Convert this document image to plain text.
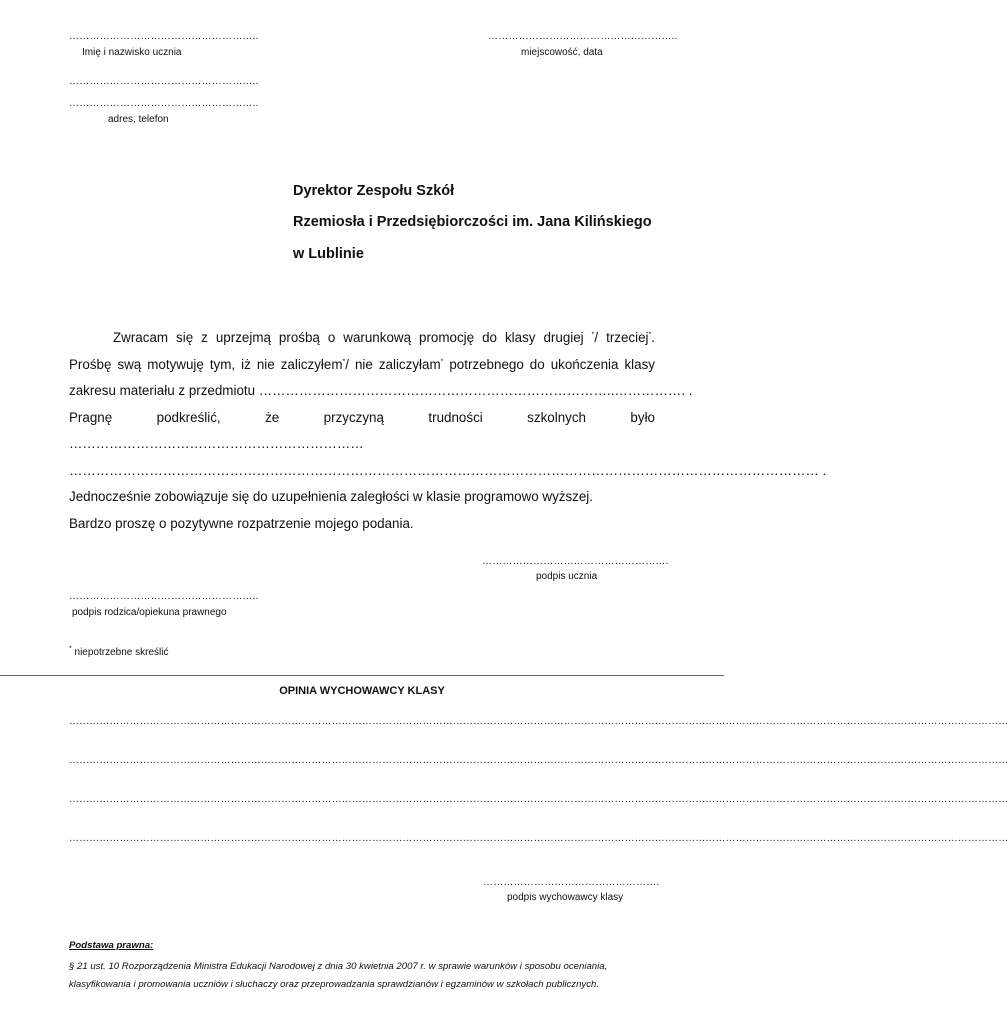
………………………………………………..
Imię i nazwisko ucznia
………………………………………………..
miejscowość, data
………………………………………………..
………………………………………………..
adres, telefon
Dyrektor Zespołu Szkół
Rzemiosła i Przedsiębiorczości im. Jana Kilińskiego
w Lublinie
Zwracam się z uprzejmą prośbą o warunkową promocję do klasy drugiej */ trzeciej*.
Prośbę swą motywuję tym, iż nie zaliczyłem*/ nie zaliczyłam* potrzebnego do ukończenia klasy
zakresu materiału z przedmiotu ……………………………………………………………………..……………. .
Pragnę podkreślić, że przyczyną trudności szkolnych było …………………………………………………………
…………………………………………………………………………………………………………………………………………………… .
Jednocześnie zobowiązuje się do uzupełnienia zaległości w klasie programowo wyższej.
Bardzo proszę o pozytywne rozpatrzenie mojego podania.
……………………………………………….
podpis ucznia
………………………………………………..
podpis rodzica/opiekuna prawnego
* niepotrzebne skreślić
OPINIA WYCHOWAWCY KLASY
………………………………………………………………………………………………………………………………………………………………………………………………………………………………………………………
………………………………………………………………………………………………………………………………………………………………………………………………………………………………………………………
………………………………………………………………………………………………………………………………………………………………………………………………………………………………………………………
………………………………………………………………………………………………………………………………………………………………………………………………………………………………………………………
…………………………………………….
podpis wychowawcy klasy
Podstawa prawna:
§ 21 ust. 10 Rozporządzenia Ministra Edukacji Narodowej z dnia 30 kwietnia 2007 r. w sprawie warunków i sposobu oceniania,
klasyfikowania i promowania uczniów i słuchaczy oraz przeprowadzania sprawdzianów i egzaminów w szkołach publicznych.
